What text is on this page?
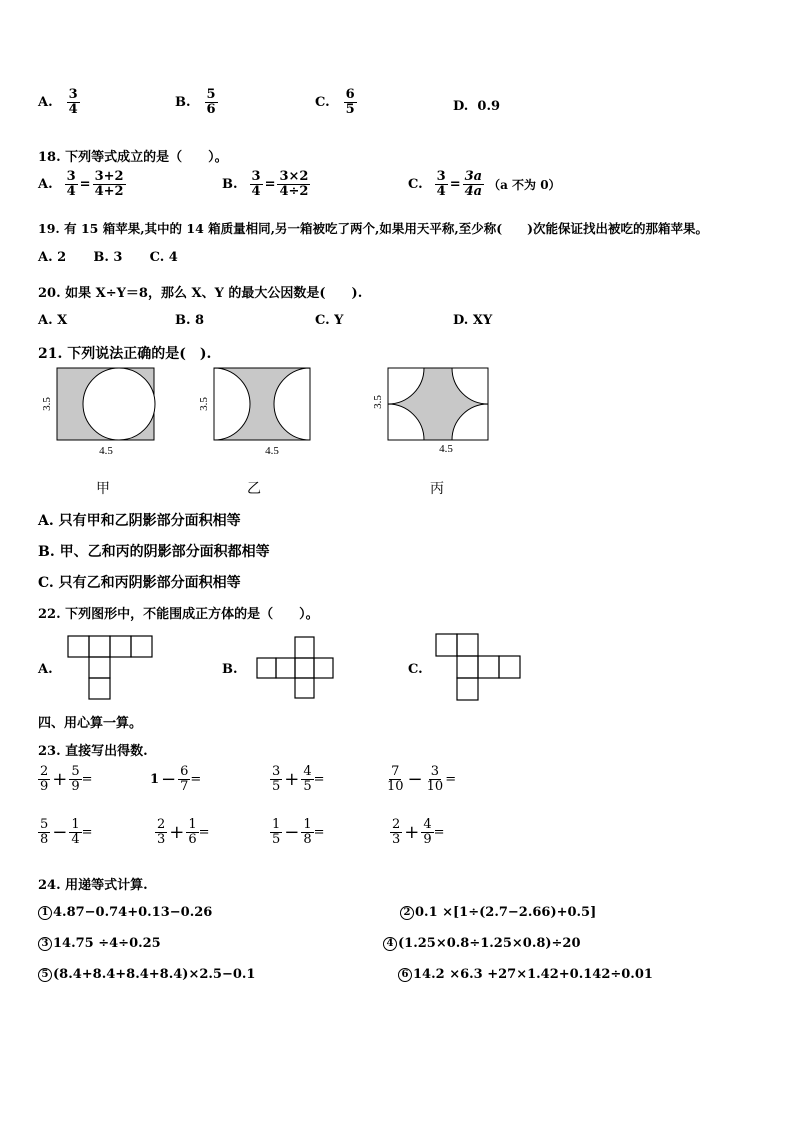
A. $\frac{3}{4}$	B. $\frac{5}{6}$	C. $\frac{6}{5}$	D. 0.9
18. 下列等式成立的是（　　）。
A. $\frac{3}{4} = \frac{3+2}{4+2}$	B. $\frac{3}{4} = \frac{3\times 2}{4\div 2}$	C. $\frac{3}{4} = \frac{3a}{4a} (a$ 不为 0）
19. 有 15 箱苹果,其中的 14 箱质量相同,另一箱被吃了两个,如果用天平称,至少称(　　)次能保证找出被吃的那箱苹果。
A. 2 B. 3 C. 4
20. 如果 X÷Y＝8，那么 X、Y 的最大公因数是(　　).
A. X	B. 8	C. Y	D. XY
21. 下列说法正确的是(　).
3.5
4.5
3.5
4.5
3.5
4.5
甲	乙	丙
A. 只有甲和乙阴影部分面积相等
B. 甲、乙和丙的阴影部分面积都相等
C. 只有乙和丙阴影部分面积相等
22. 下列图形中，不能围成正方体的是（　　）。
A.	B.	C.
四、用心算一算。
23. 直接写出得数.
$\frac{2}{9} + \frac{5}{9}$ =	$1 - \frac{6}{7}$ =	$\frac{3}{5} + \frac{4}{5}$ =	$\frac{7}{10} - \frac{3}{10}$ =
$\frac{5}{8} - \frac{1}{4}$ =	$\frac{2}{3} + \frac{1}{6}$ =	$\frac{1}{5} - \frac{1}{8}$ =	$\frac{2}{3} + \frac{4}{9}$ =
24. 用递等式计算.
1 4.87−0.74+0.13−0.26	2 0.1 ×[1÷(2.7−2.66)+0.5]
3 14.75 ÷4÷0.25	4 (1.25×0.8÷1.25×0.8)÷20
5 (8.4+8.4+8.4+8.4)×2.5−0.1	6 14.2 ×6.3 +27×1.42+0.142÷0.01
